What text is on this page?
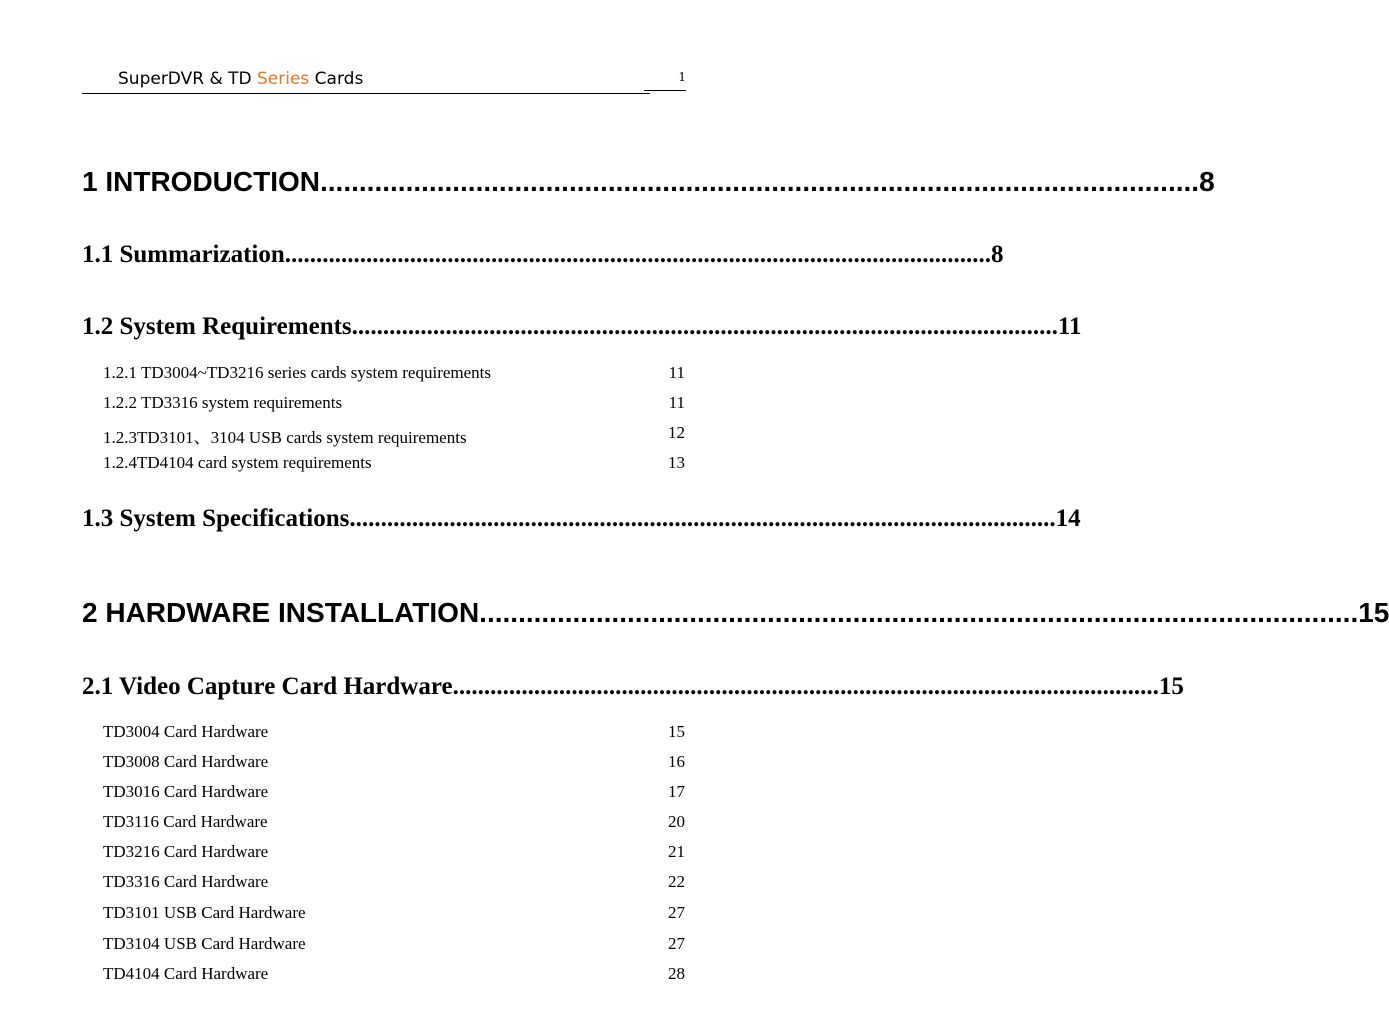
SuperDVR & TD Series Cards	1
1 INTRODUCTION ................................................................................................................. 8
1.1 Summarization ................................................................................................................. 8
1.2 System Requirements ................................................................................................................. 11
1.2.1 TD3004~TD3216 series cards system requirements	11
1.2.2 TD3316 system requirements	11
1.2.3TD3101、3104 USB cards system requirements	12
1.2.4TD4104 card system requirements	13
1.3 System Specifications ................................................................................................................. 14
2 HARDWARE INSTALLATION ................................................................................................................. 15
2.1 Video Capture Card Hardware ................................................................................................................. 15
TD3004 Card Hardware	15
TD3008 Card Hardware	16
TD3016 Card Hardware	17
TD3116 Card Hardware	20
TD3216 Card Hardware	21
TD3316 Card Hardware	22
TD3101 USB Card Hardware	27
TD3104 USB Card Hardware	27
TD4104 Card Hardware	28
